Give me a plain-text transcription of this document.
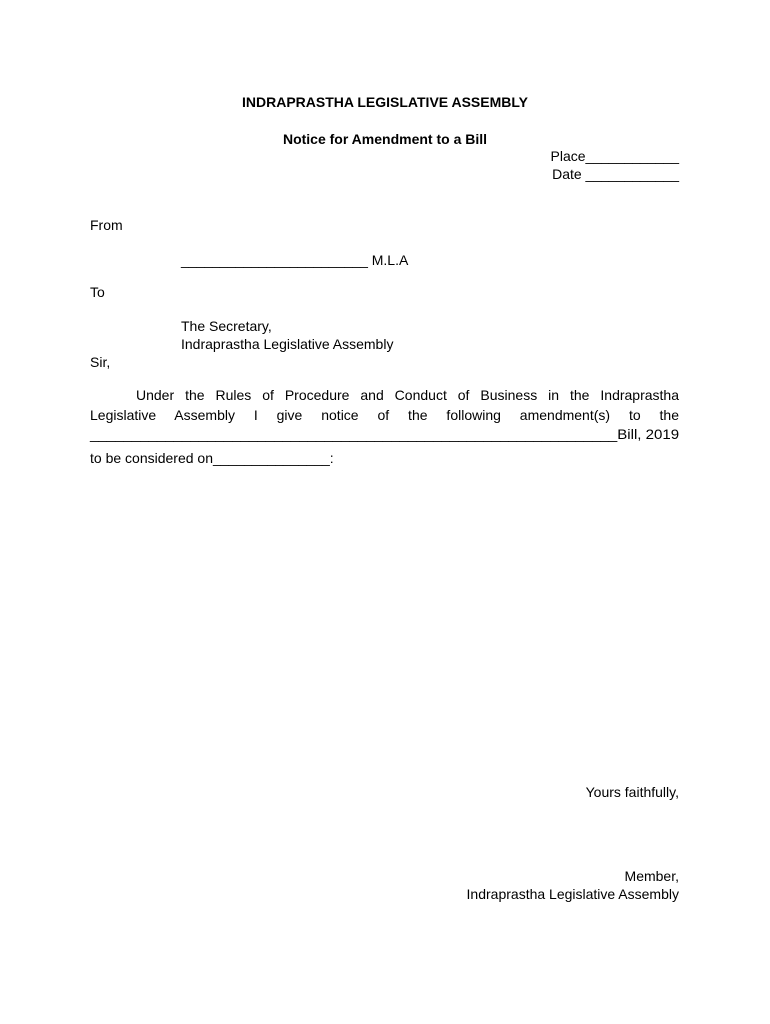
INDRAPRASTHA LEGISLATIVE ASSEMBLY
Notice for Amendment to a Bill
Place____________
Date ____________
From
________________________ M.L.A
To
The Secretary,
Indraprastha Legislative Assembly
Sir,
Under the Rules of Procedure and Conduct of Business in the Indraprastha
Legislative Assembly I give notice of the following amendment(s) to the
_______________________________________________________________Bill, 2019
to be considered on_______________:
Yours faithfully,
Member,
Indraprastha Legislative Assembly
